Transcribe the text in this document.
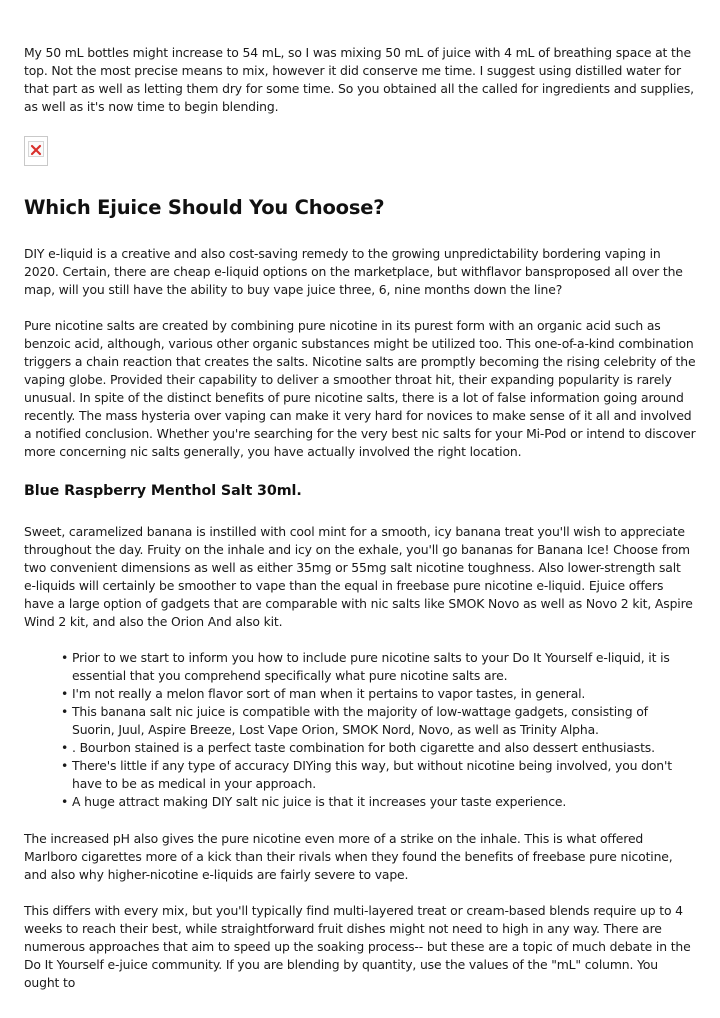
My 50 mL bottles might increase to 54 mL, so I was mixing 50 mL of juice with 4 mL of breathing space at the top. Not the most precise means to mix, however it did conserve me time. I suggest using distilled water for that part as well as letting them dry for some time. So you obtained all the called for ingredients and supplies, as well as it's now time to begin blending.

Which Ejuice Should You Choose?

DIY e-liquid is a creative and also cost-saving remedy to the growing unpredictability bordering vaping in 2020. Certain, there are cheap e-liquid options on the marketplace, but withflavor bansproposed all over the map, will you still have the ability to buy vape juice three, 6, nine months down the line?

Pure nicotine salts are created by combining pure nicotine in its purest form with an organic acid such as benzoic acid, although, various other organic substances might be utilized too. This one-of-a-kind combination triggers a chain reaction that creates the salts. Nicotine salts are promptly becoming the rising celebrity of the vaping globe. Provided their capability to deliver a smoother throat hit, their expanding popularity is rarely unusual. In spite of the distinct benefits of pure nicotine salts, there is a lot of false information going around recently. The mass hysteria over vaping can make it very hard for novices to make sense of it all and involved a notified conclusion. Whether you're searching for the very best nic salts for your Mi-Pod or intend to discover more concerning nic salts generally, you have actually involved the right location.

Blue Raspberry Menthol Salt 30ml.

Sweet, caramelized banana is instilled with cool mint for a smooth, icy banana treat you'll wish to appreciate throughout the day. Fruity on the inhale and icy on the exhale, you'll go bananas for Banana Ice! Choose from two convenient dimensions as well as either 35mg or 55mg salt nicotine toughness. Also lower-strength salt e-liquids will certainly be smoother to vape than the equal in freebase pure nicotine e-liquid. Ejuice offers have a large option of gadgets that are comparable with nic salts like SMOK Novo as well as Novo 2 kit, Aspire Wind 2 kit, and also the Orion And also kit.

• Prior to we start to inform you how to include pure nicotine salts to your Do It Yourself e-liquid, it is essential that you comprehend specifically what pure nicotine salts are.
• I'm not really a melon flavor sort of man when it pertains to vapor tastes, in general.
• This banana salt nic juice is compatible with the majority of low-wattage gadgets, consisting of Suorin, Juul, Aspire Breeze, Lost Vape Orion, SMOK Nord, Novo, as well as Trinity Alpha.
• . Bourbon stained is a perfect taste combination for both cigarette and also dessert enthusiasts.
• There's little if any type of accuracy DIYing this way, but without nicotine being involved, you don't have to be as medical in your approach.
• A huge attract making DIY salt nic juice is that it increases your taste experience.

The increased pH also gives the pure nicotine even more of a strike on the inhale. This is what offered Marlboro cigarettes more of a kick than their rivals when they found the benefits of freebase pure nicotine, and also why higher-nicotine e-liquids are fairly severe to vape.

This differs with every mix, but you'll typically find multi-layered treat or cream-based blends require up to 4 weeks to reach their best, while straightforward fruit dishes might not need to high in any way. There are numerous approaches that aim to speed up the soaking process-- but these are a topic of much debate in the Do It Yourself e-juice community. If you are blending by quantity, use the values of the "mL" column. You ought to
